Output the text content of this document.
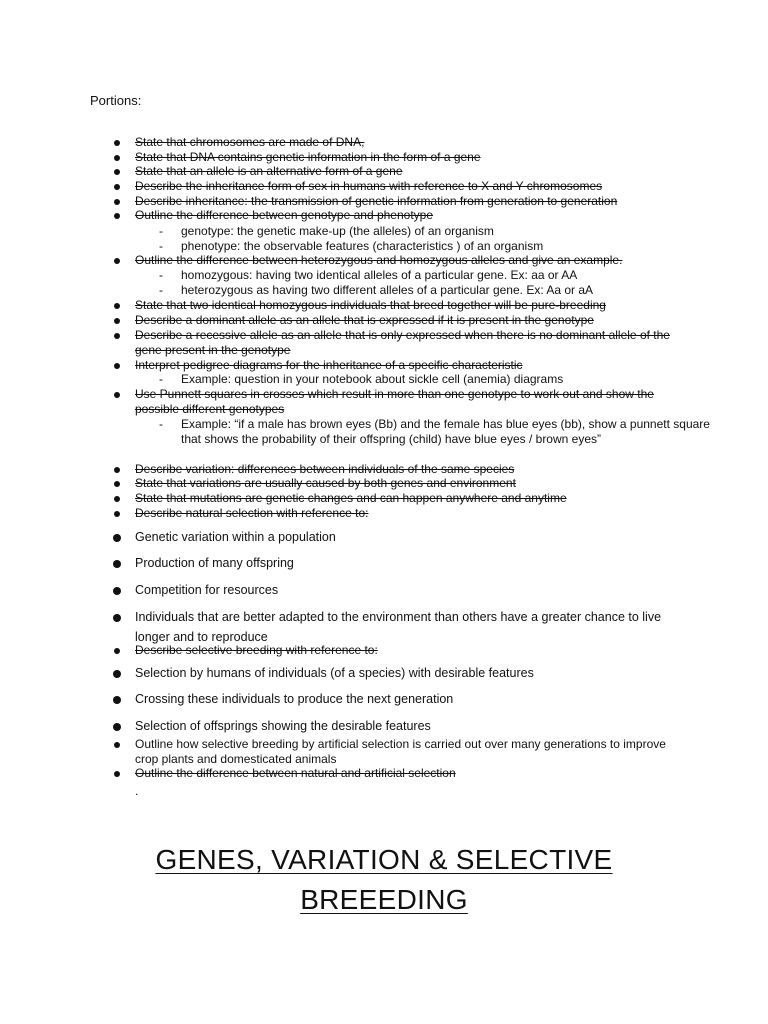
Portions:
State that chromosomes are made of DNA,
State that DNA contains genetic information in the form of a gene
State that an allele is an alternative form of a gene
Describe the inheritance form of sex in humans with reference to X and Y chromosomes
Describe inheritance: the transmission of genetic information from generation to generation
Outline the difference between genotype and phenotype
- genotype: the genetic make-up (the alleles) of an organism
- phenotype: the observable features (characteristics ) of an organism
Outline the difference between heterozygous and homozygous alleles and give an example.
- homozygous: having two identical alleles of a particular gene. Ex: aa or AA
- heterozygous as having two different alleles of a particular gene. Ex: Aa or aA
State that two identical homozygous individuals that breed together will be pure-breeding
Describe a dominant allele as an allele that is expressed if it is present in the genotype
Describe a recessive allele as an allele that is only expressed when there is no dominant allele of the gene present in the genotype
Interpret pedigree diagrams for the inheritance of a specific characteristic
- Example: question in your notebook about sickle cell (anemia) diagrams
Use Punnett squares in crosses which result in more than one genotype to work out and show the possible different genotypes
- Example: “if a male has brown eyes (Bb) and the female has blue eyes (bb), show a punnett square that shows the probability of their offspring (child) have blue eyes / brown eyes”
Describe variation: differences between individuals of the same species
State that variations are usually caused by both genes and environment
State that mutations are genetic changes and can happen anywhere and anytime
Describe natural selection with reference to:
Genetic variation within a population
Production of many offspring
Competition for resources
Individuals that are better adapted to the environment than others have a greater chance to live longer and to reproduce
Describe selective breeding with reference to:
Selection by humans of individuals (of a species) with desirable features
Crossing these individuals to produce the next generation
Selection of offsprings showing the desirable features
Outline how selective breeding by artificial selection is carried out over many generations to improve crop plants and domesticated animals
Outline the difference between natural and artificial selection
.
GENES, VARIATION & SELECTIVE
BREEEDING
